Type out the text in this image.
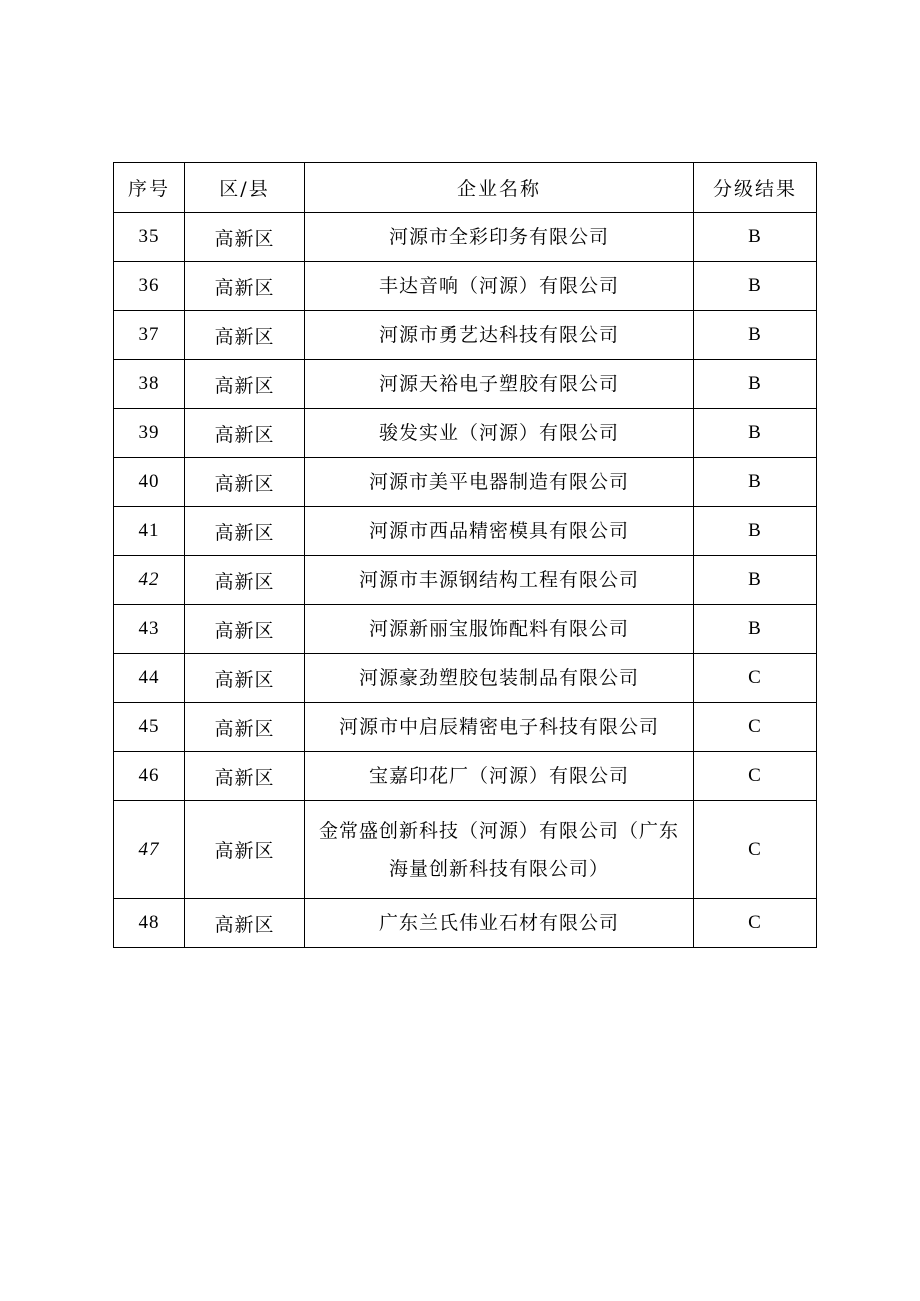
序号	区/县	企业名称	分级结果
35	高新区	河源市全彩印务有限公司	B
36	高新区	丰达音响（河源）有限公司	B
37	高新区	河源市勇艺达科技有限公司	B
38	高新区	河源天裕电子塑胶有限公司	B
39	高新区	骏发实业（河源）有限公司	B
40	高新区	河源市美平电器制造有限公司	B
41	高新区	河源市西品精密模具有限公司	B
42	高新区	河源市丰源钢结构工程有限公司	B
43	高新区	河源新丽宝服饰配料有限公司	B
44	高新区	河源豪劲塑胶包装制品有限公司	C
45	高新区	河源市中启辰精密电子科技有限公司	C
46	高新区	宝嘉印花厂（河源）有限公司	C
47	高新区	金常盛创新科技（河源）有限公司（广东海量创新科技有限公司）	C
48	高新区	广东兰氏伟业石材有限公司	C
